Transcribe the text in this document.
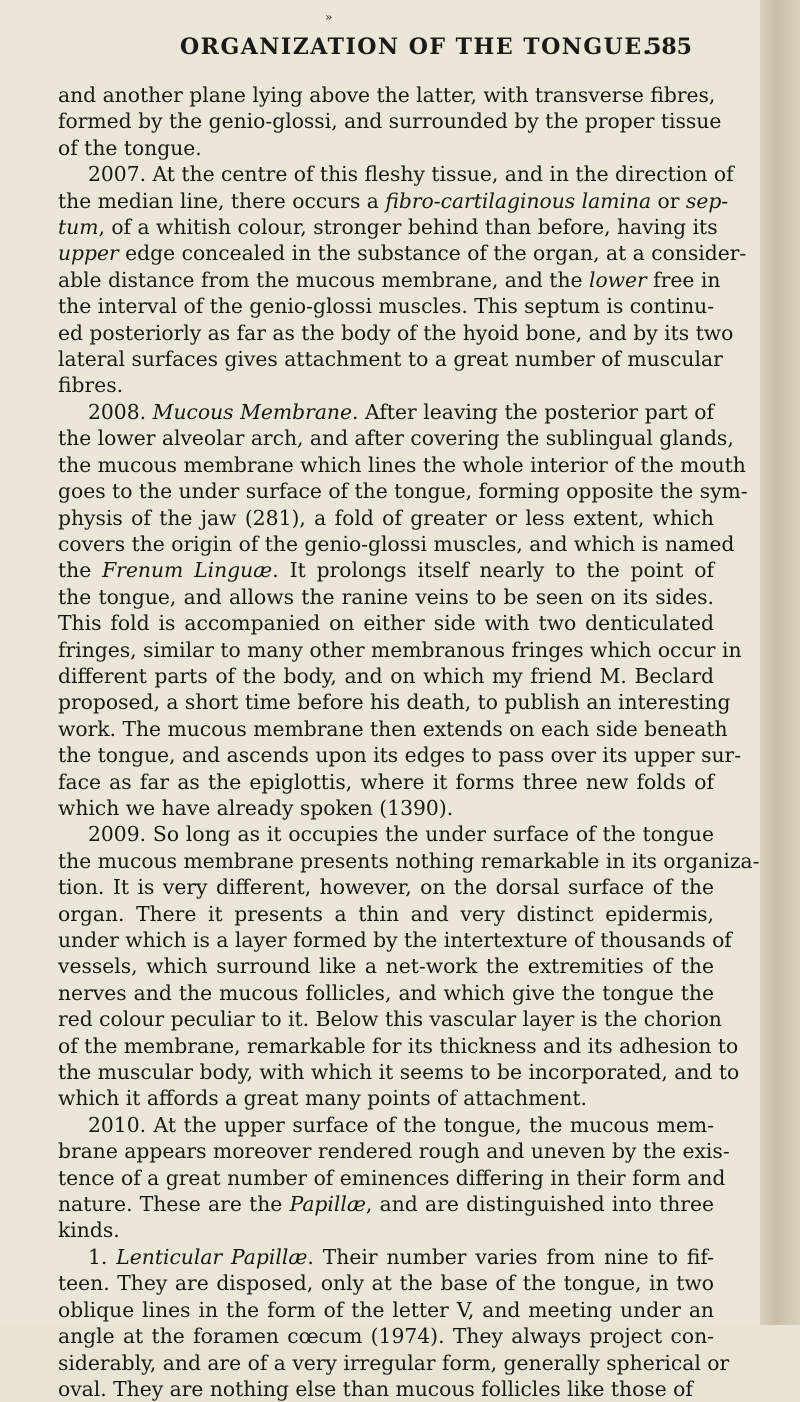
»
ORGANIZATION OF THE TONGUE.
585
and another plane lying above the latter, with transverse fibres,
formed by the genio-glossi, and surrounded by the proper tissue
of the tongue.
2007. At the centre of this fleshy tissue, and in the direction of
the median line, there occurs a fibro-cartilaginous lamina or sep-
tum, of a whitish colour, stronger behind than before, having its
upper edge concealed in the substance of the organ, at a consider-
able distance from the mucous membrane, and the lower free in
the interval of the genio-glossi muscles. This septum is continu-
ed posteriorly as far as the body of the hyoid bone, and by its two
lateral surfaces gives attachment to a great number of muscular
fibres.
2008. Mucous Membrane. After leaving the posterior part of
the lower alveolar arch, and after covering the sublingual glands,
the mucous membrane which lines the whole interior of the mouth
goes to the under surface of the tongue, forming opposite the sym-
physis of the jaw (281), a fold of greater or less extent, which
covers the origin of the genio-glossi muscles, and which is named
the Frenum Linguæ. It prolongs itself nearly to the point of
the tongue, and allows the ranine veins to be seen on its sides.
This fold is accompanied on either side with two denticulated
fringes, similar to many other membranous fringes which occur in
different parts of the body, and on which my friend M. Beclard
proposed, a short time before his death, to publish an interesting
work. The mucous membrane then extends on each side beneath
the tongue, and ascends upon its edges to pass over its upper sur-
face as far as the epiglottis, where it forms three new folds of
which we have already spoken (1390).
2009. So long as it occupies the under surface of the tongue
the mucous membrane presents nothing remarkable in its organiza-
tion. It is very different, however, on the dorsal surface of the
organ. There it presents a thin and very distinct epidermis,
under which is a layer formed by the intertexture of thousands of
vessels, which surround like a net-work the extremities of the
nerves and the mucous follicles, and which give the tongue the
red colour peculiar to it. Below this vascular layer is the chorion
of the membrane, remarkable for its thickness and its adhesion to
the muscular body, with which it seems to be incorporated, and to
which it affords a great many points of attachment.
2010. At the upper surface of the tongue, the mucous mem-
brane appears moreover rendered rough and uneven by the exis-
tence of a great number of eminences differing in their form and
nature. These are the Papillæ, and are distinguished into three
kinds.
1. Lenticular Papillæ. Their number varies from nine to fif-
teen. They are disposed, only at the base of the tongue, in two
oblique lines in the form of the letter V, and meeting under an
angle at the foramen cœcum (1974). They always project con-
siderably, and are of a very irregular form, generally spherical or
oval. They are nothing else than mucous follicles like those of
